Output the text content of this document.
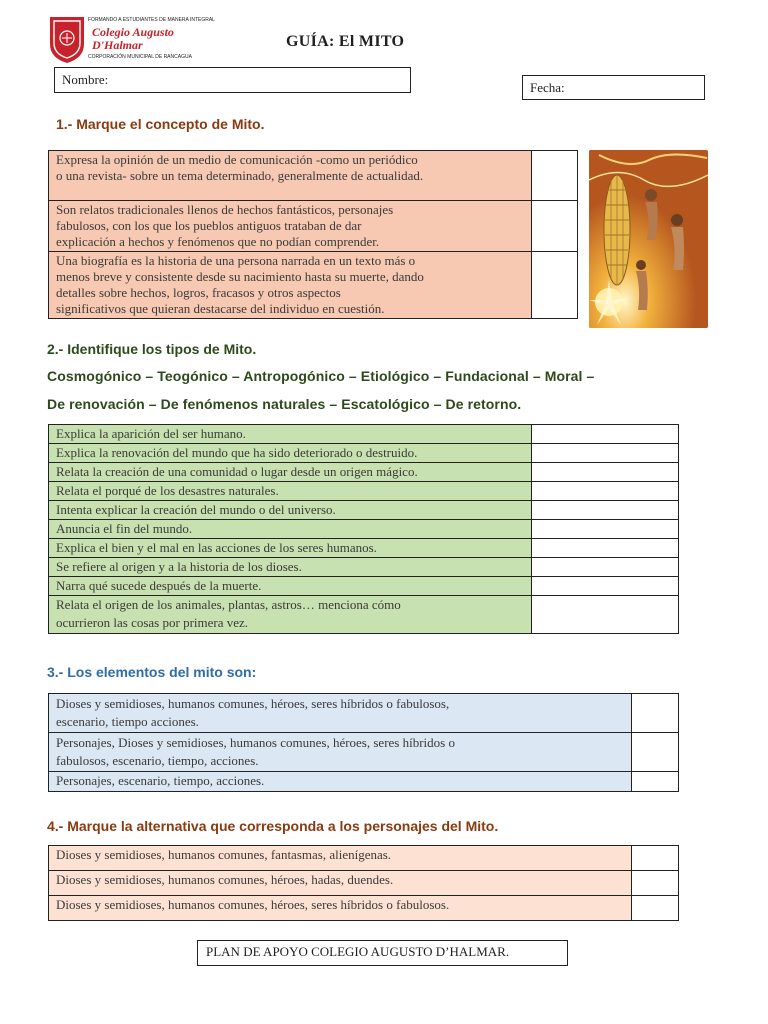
FORMANDO A ESTUDIANTES DE MANERA INTEGRAL
Colegio Augusto
D'Halmar
CORPORACIÓN MUNICIPAL DE RANCAGUA
GUÍA: El MITO
Nombre:
Fecha:
1.- Marque el concepto de Mito.
Expresa la opinión de un medio de comunicación -como un periódico
o una revista- sobre un tema determinado, generalmente de actualidad.	

Son relatos tradicionales llenos de hechos fantásticos, personajes
fabulosos, con los que los pueblos antiguos trataban de dar
explicación a hechos y fenómenos que no podían comprender.	

Una biografía es la historia de una persona narrada en un texto más o
menos breve y consistente desde su nacimiento hasta su muerte, dando
detalles sobre hechos, logros, fracasos y otros aspectos
significativos que quieran destacarse del individuo en cuestión.	

2.- Identifique los tipos de Mito.
Cosmogónico – Teogónico – Antropogónico – Etiológico – Fundacional – Moral –
De renovación – De fenómenos naturales – Escatológico – De retorno.
Explica la aparición del ser humano.	
Explica la renovación del mundo que ha sido deteriorado o destruido.	
Relata la creación de una comunidad o lugar desde un origen mágico.	
Relata el porqué de los desastres naturales.	
Intenta explicar la creación del mundo o del universo.	
Anuncia el fin del mundo.	
Explica el bien y el mal en las acciones de los seres humanos.	
Se refiere al origen y a la historia de los dioses.	
Narra qué sucede después de la muerte.	

Relata el origen de los animales, plantas, astros… menciona cómo
ocurrieron las cosas por primera vez.	

3.- Los elementos del mito son:
Dioses y semidioses, humanos comunes, héroes, seres híbridos o fabulosos,
escenario, tiempo acciones.	

Personajes, Dioses y semidioses, humanos comunes, héroes, seres híbridos o
fabulosos, escenario, tiempo, acciones.	

Personajes, escenario, tiempo, acciones.	

4.- Marque la alternativa que corresponda a los personajes del Mito.
Dioses y semidioses, humanos comunes, fantasmas, alienígenas.	
Dioses y semidioses, humanos comunes, héroes, hadas, duendes.	
Dioses y semidioses, humanos comunes, héroes, seres híbridos o fabulosos.	
PLAN DE APOYO COLEGIO AUGUSTO D’HALMAR.
